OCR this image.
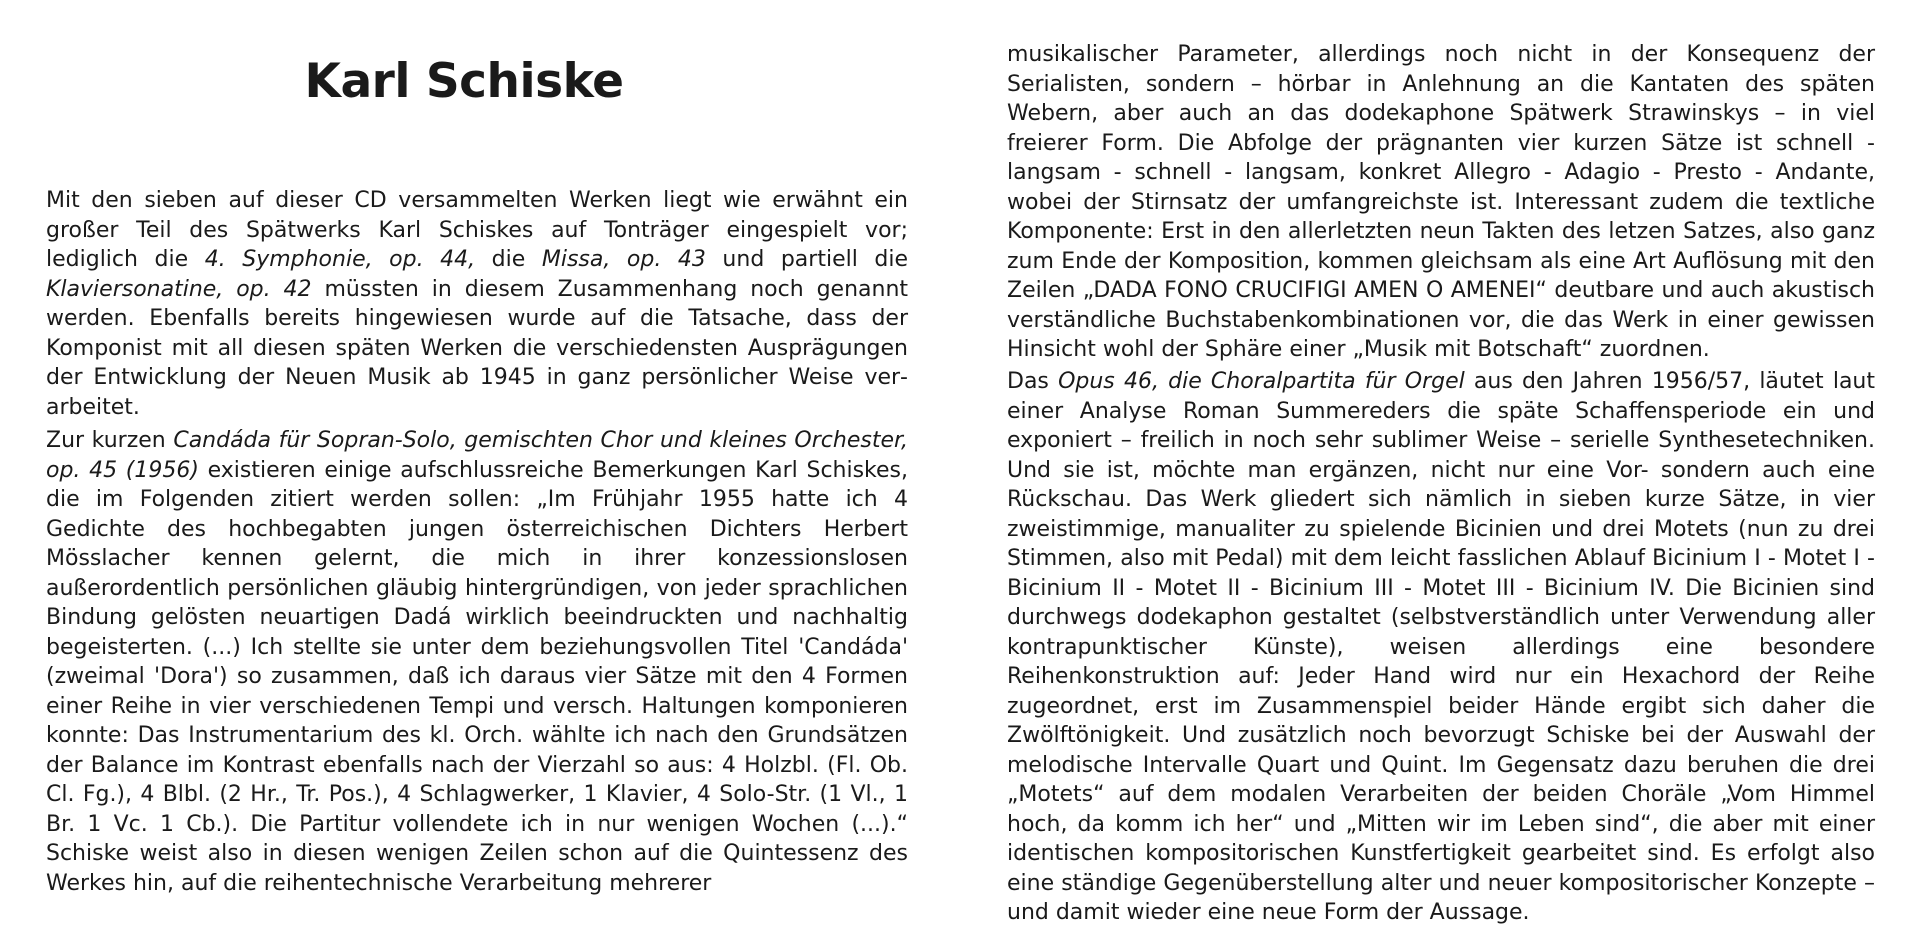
Karl Schiske

Mit den sieben auf dieser CD versammelten Werken liegt wie erwähnt ein großer Teil des Spätwerks Karl Schiskes auf Tonträger eingespielt vor; lediglich die 4. Symphonie, op. 44, die Missa, op. 43 und partiell die Klaviersonatine, op. 42 müssten in diesem Zusammenhang noch genannt werden. Ebenfalls bereits hingewiesen wurde auf die Tatsache, dass der Komponist mit all diesen späten Werken die verschiedensten Ausprägungen der Entwicklung der Neuen Musik ab 1945 in ganz persönlicher Weise verarbeitet.

Zur kurzen Candáda für Sopran-Solo, gemischten Chor und kleines Orchester, op. 45 (1956) existieren einige aufschlussreiche Bemerkungen Karl Schiskes, die im Folgenden zitiert werden sollen: „Im Frühjahr 1955 hatte ich 4 Gedichte des hochbegabten jungen österreichischen Dichters Herbert Mösslacher kennen gelernt, die mich in ihrer konzessionslosen außerordentlich persönlichen gläubig hintergründigen, von jeder sprachlichen Bindung gelösten neuartigen Dadá wirklich beeindruckten und nachhaltig begeisterten. (...) Ich stellte sie unter dem beziehungsvollen Titel 'Candáda' (zweimal 'Dora') so zusammen, daß ich daraus vier Sätze mit den 4 Formen einer Reihe in vier verschiedenen Tempi und versch. Haltungen komponieren konnte: Das Instrumentarium des kl. Orch. wählte ich nach den Grundsätzen der Balance im Kontrast ebenfalls nach der Vierzahl so aus: 4 Holzbl. (Fl. Ob. Cl. Fg.), 4 Blbl. (2 Hr., Tr. Pos.), 4 Schlagwerker, 1 Klavier, 4 Solo-Str. (1 Vl., 1 Br. 1 Vc. 1 Cb.). Die Partitur vollendete ich in nur wenigen Wochen (...).“ Schiske weist also in diesen wenigen Zeilen schon auf die Quintessenz des Werkes hin, auf die reihentechnische Verarbeitung mehrerer

musikalischer Parameter, allerdings noch nicht in der Konsequenz der Serialisten, sondern – hörbar in Anlehnung an die Kantaten des späten Webern, aber auch an das dodekaphone Spätwerk Strawinskys – in viel freierer Form. Die Abfolge der prägnanten vier kurzen Sätze ist schnell - langsam - schnell - langsam, konkret Allegro - Adagio - Presto - Andante, wobei der Stirnsatz der umfangreichste ist. Interessant zudem die textliche Komponente: Erst in den allerletzten neun Takten des letzen Satzes, also ganz zum Ende der Komposition, kommen gleichsam als eine Art Auflösung mit den Zeilen „DADA FONO CRUCIFIGI AMEN O AMENEI“ deutbare und auch akustisch verständliche Buchstabenkombinationen vor, die das Werk in einer gewissen Hinsicht wohl der Sphäre einer „Musik mit Botschaft“ zuordnen.

Das Opus 46, die Choralpartita für Orgel aus den Jahren 1956/57, läutet laut einer Analyse Roman Summereders die späte Schaffensperiode ein und exponiert – freilich in noch sehr sublimer Weise – serielle Synthesetechniken. Und sie ist, möchte man ergänzen, nicht nur eine Vor- sondern auch eine Rückschau. Das Werk gliedert sich nämlich in sieben kurze Sätze, in vier zweistimmige, manualiter zu spielende Bicinien und drei Motets (nun zu drei Stimmen, also mit Pedal) mit dem leicht fasslichen Ablauf Bicinium I - Motet I - Bicinium II - Motet II - Bicinium III - Motet III - Bicinium IV. Die Bicinien sind durchwegs dodekaphon gestaltet (selbstverständlich unter Verwendung aller kontrapunktischer Künste), weisen allerdings eine besondere Reihenkonstruktion auf: Jeder Hand wird nur ein Hexachord der Reihe zugeordnet, erst im Zusammenspiel beider Hände ergibt sich daher die Zwölftönigkeit. Und zusätzlich noch bevorzugt Schiske bei der Auswahl der melodische Intervalle Quart und Quint. Im Gegensatz dazu beruhen die drei „Motets“ auf dem modalen Verarbeiten der beiden Choräle „Vom Himmel hoch, da komm ich her“ und „Mitten wir im Leben sind“, die aber mit einer identischen kompositorischen Kunstfertigkeit gearbeitet sind. Es erfolgt also eine ständige Gegenüberstellung alter und neuer kompositorischer Konzepte – und damit wieder eine neue Form der Aussage.
